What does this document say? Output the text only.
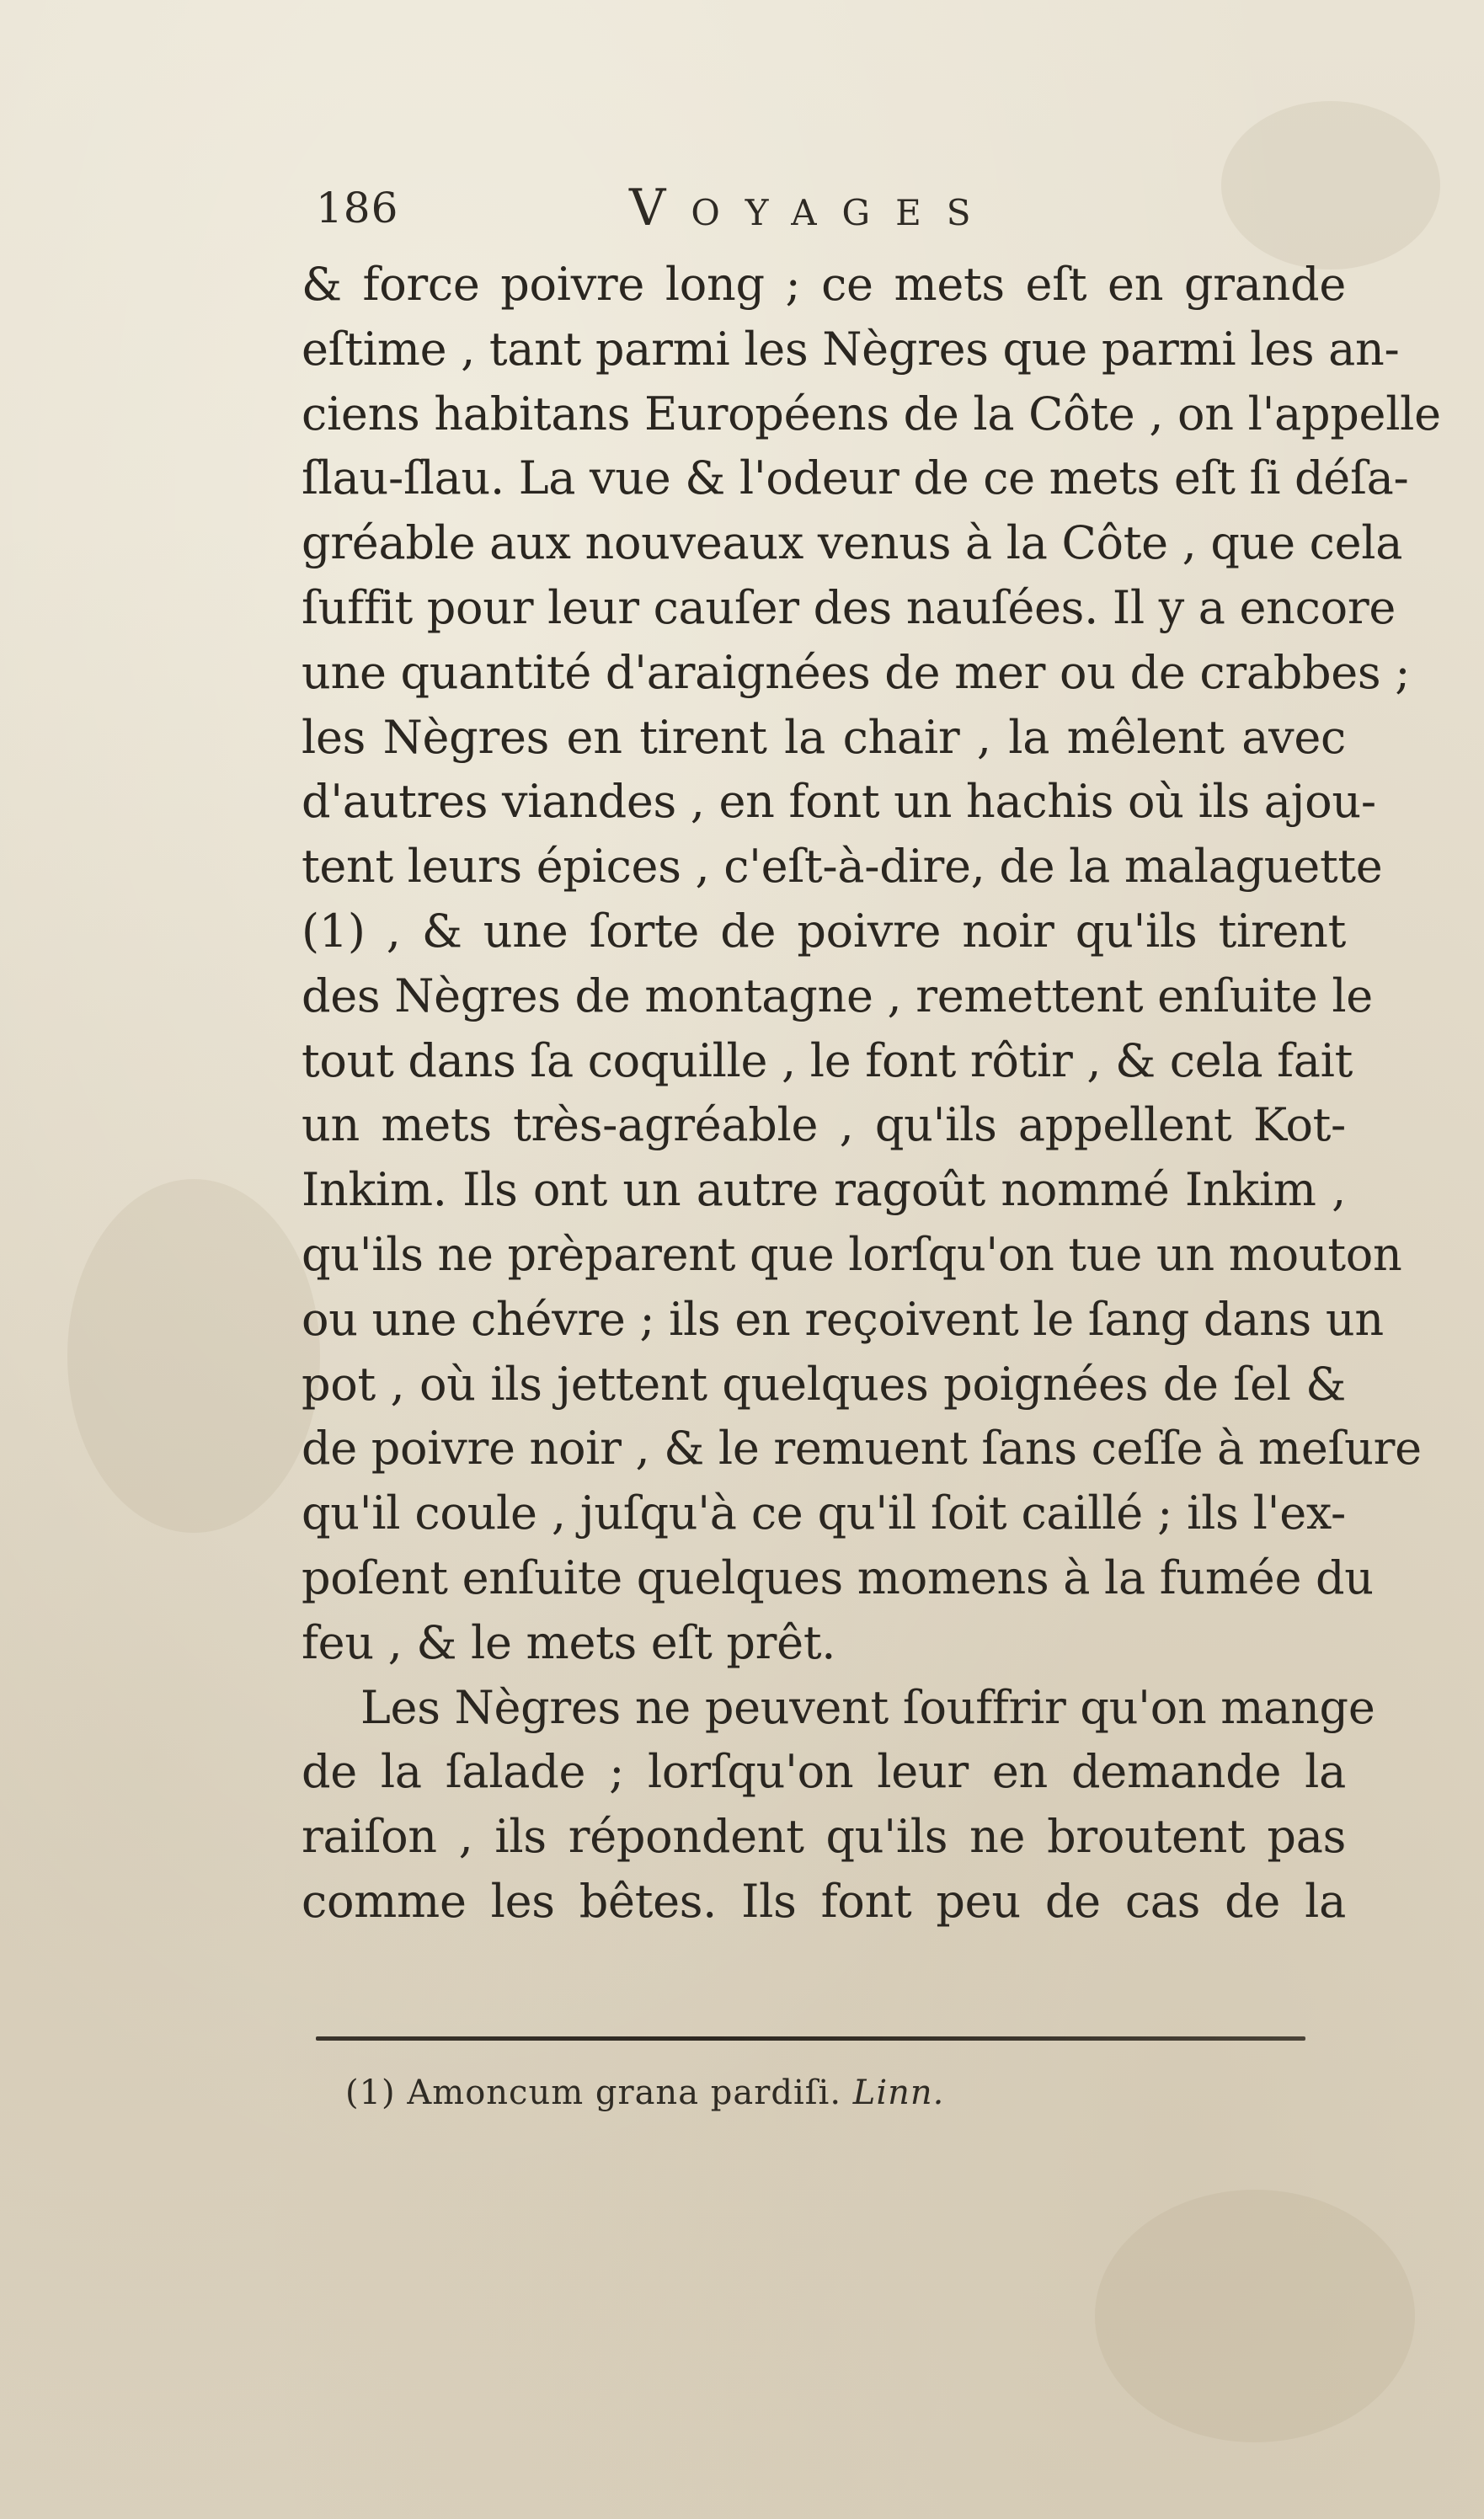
186	Voyages
& force poivre long ; ce mets eſt en grande
eſtime , tant parmi les Nègres que parmi les an-
ciens habitans Européens de la Côte , on l'appelle
ſlau-ſlau. La vue & l'odeur de ce mets eſt ſi déſa-
gréable aux nouveaux venus à la Côte , que cela
ſuffit pour leur cauſer des nauſées. Il y a encore
une quantité d'araignées de mer ou de crabbes ;
les Nègres en tirent la chair , la mêlent avec
d'autres viandes , en font un hachis où ils ajou-
tent leurs épices , c'eſt-à-dire, de la malaguette
(1) , & une ſorte de poivre noir qu'ils tirent
des Nègres de montagne , remettent enſuite le
tout dans ſa coquille , le font rôtir , & cela fait
un mets très-agréable , qu'ils appellent Kot-
Inkim. Ils ont un autre ragoût nommé Inkim ,
qu'ils ne prèparent que lorſqu'on tue un mouton
ou une chévre ; ils en reçoivent le ſang dans un
pot , où ils jettent quelques poignées de ſel &
de poivre noir , & le remuent ſans ceſſe à meſure
qu'il coule , juſqu'à ce qu'il ſoit caillé ; ils l'ex-
poſent enſuite quelques momens à la fumée du
feu , & le mets eſt prêt.
Les Nègres ne peuvent ſouffrir qu'on mange
de la ſalade ; lorſqu'on leur en demande la
raiſon , ils répondent qu'ils ne broutent pas
comme les bêtes. Ils font peu de cas de la
(1) Amoncum grana pardiſi. Linn.
